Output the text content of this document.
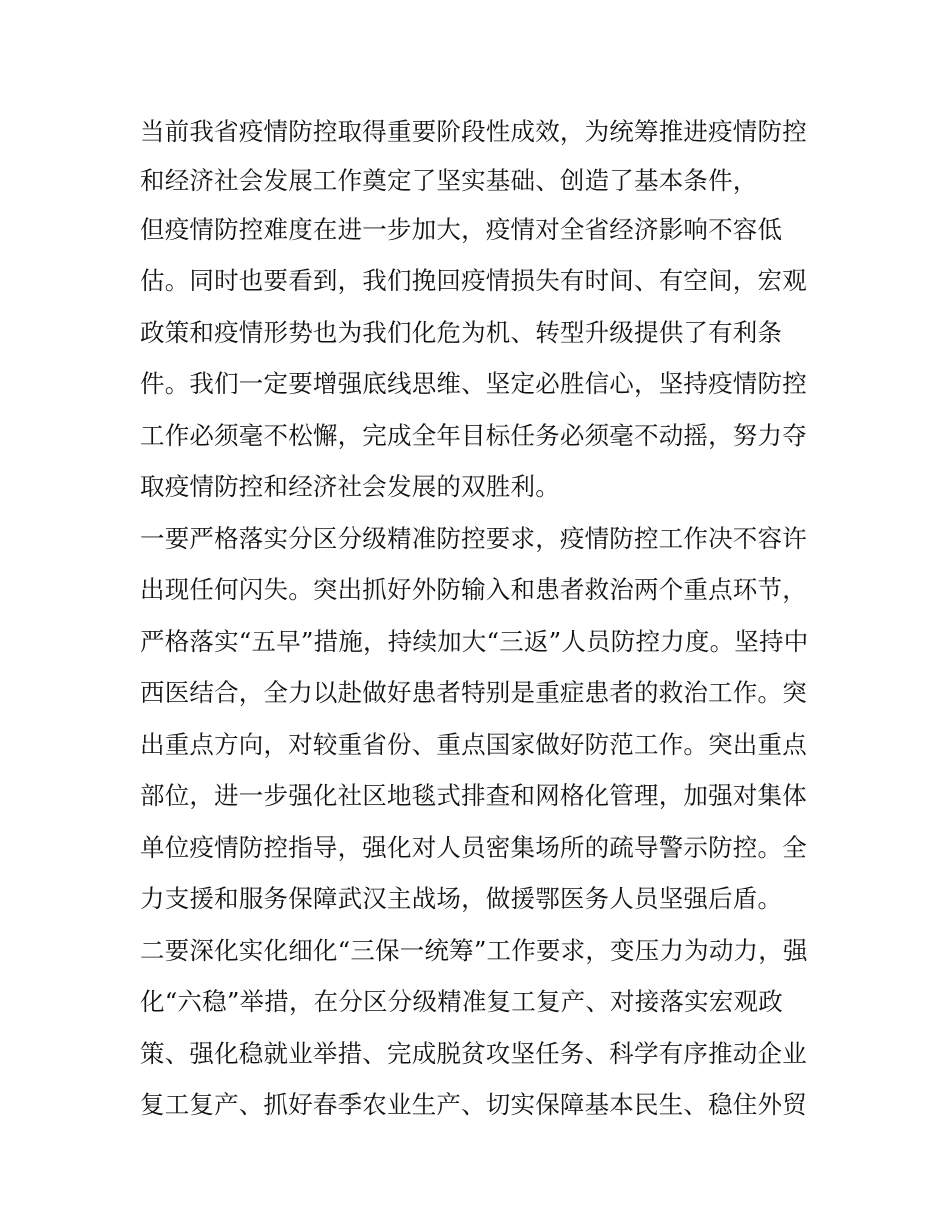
当前我省疫情防控取得重要阶段性成效，为统筹推进疫情防控
和经济社会发展工作奠定了坚实基础、创造了基本条件，
但疫情防控难度在进一步加大，疫情对全省经济影响不容低
估。同时也要看到，我们挽回疫情损失有时间、有空间，宏观
政策和疫情形势也为我们化危为机、转型升级提供了有利条
件。我们一定要增强底线思维、坚定必胜信心，坚持疫情防控
工作必须毫不松懈，完成全年目标任务必须毫不动摇，努力夺
取疫情防控和经济社会发展的双胜利。
一要严格落实分区分级精准防控要求，疫情防控工作决不容许
出现任何闪失。突出抓好外防输入和患者救治两个重点环节，
严格落实“五早”措施，持续加大“三返”人员防控力度。坚持中
西医结合，全力以赴做好患者特别是重症患者的救治工作。突
出重点方向，对较重省份、重点国家做好防范工作。突出重点
部位，进一步强化社区地毯式排查和网格化管理，加强对集体
单位疫情防控指导，强化对人员密集场所的疏导警示防控。全
力支援和服务保障武汉主战场，做援鄂医务人员坚强后盾。
二要深化实化细化“三保一统筹”工作要求，变压力为动力，强
化“六稳”举措，在分区分级精准复工复产、对接落实宏观政
策、强化稳就业举措、完成脱贫攻坚任务、科学有序推动企业
复工复产、抓好春季农业生产、切实保障基本民生、稳住外贸
